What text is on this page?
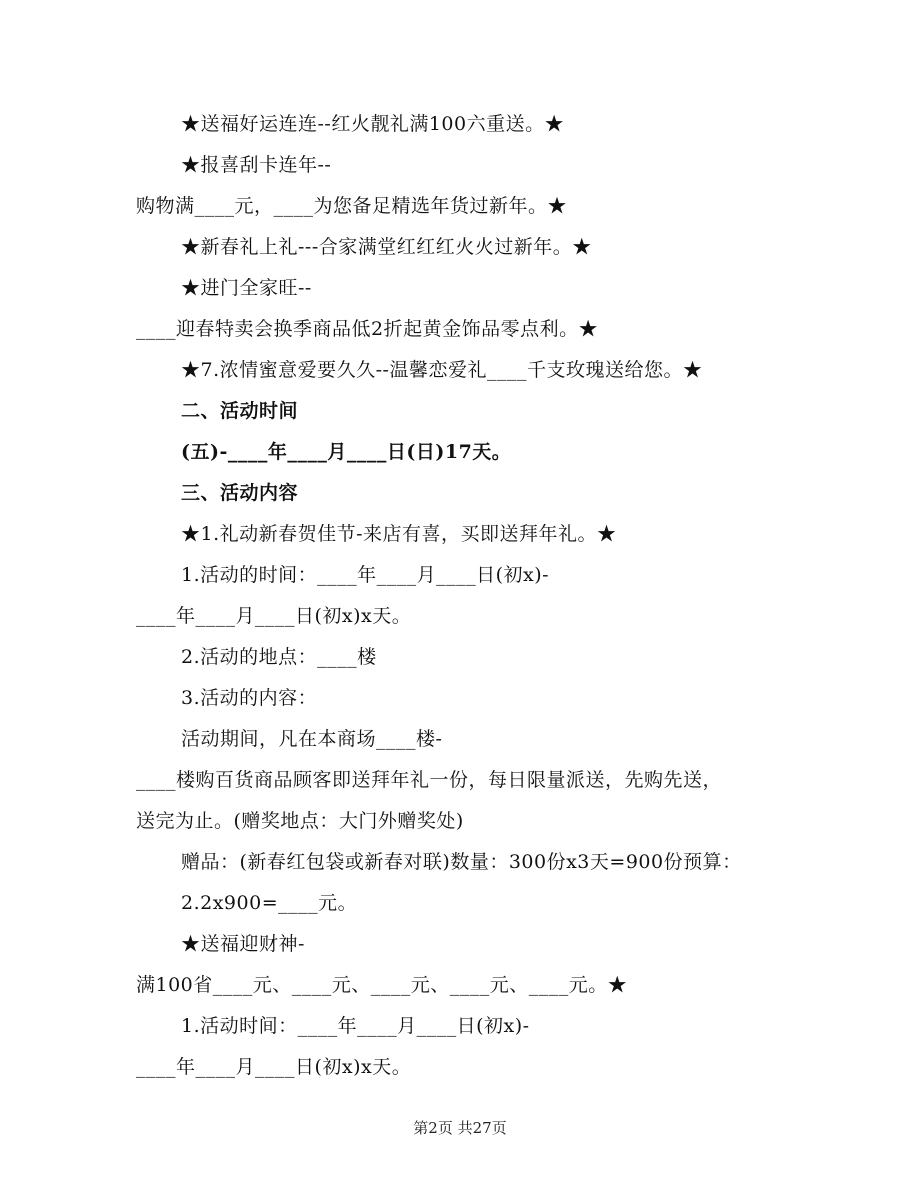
★送福好运连连--红火靓礼满100六重送。★
★报喜刮卡连年--
购物满____元，____为您备足精选年货过新年。★
★新春礼上礼---合家满堂红红红火火过新年。★
★进门全家旺--
____迎春特卖会换季商品低2折起黄金饰品零点利。★
★7.浓情蜜意爱要久久--温馨恋爱礼____千支玫瑰送给您。★
二、活动时间
(五)-____年____月____日(日)17天。
三、活动内容
★1.礼动新春贺佳节-来店有喜，买即送拜年礼。★
1.活动的时间：____年____月____日(初x)-
____年____月____日(初x)x天。
2.活动的地点：____楼
3.活动的内容：
活动期间，凡在本商场____楼-
____楼购百货商品顾客即送拜年礼一份，每日限量派送，先购先送，
送完为止。(赠奖地点：大门外赠奖处)
赠品：(新春红包袋或新春对联)数量：300份x3天=900份预算：
2.2x900=____元。
★送福迎财神-
满100省____元、____元、____元、____元、____元。★
1.活动时间：____年____月____日(初x)-
____年____月____日(初x)x天。
第2页 共27页
